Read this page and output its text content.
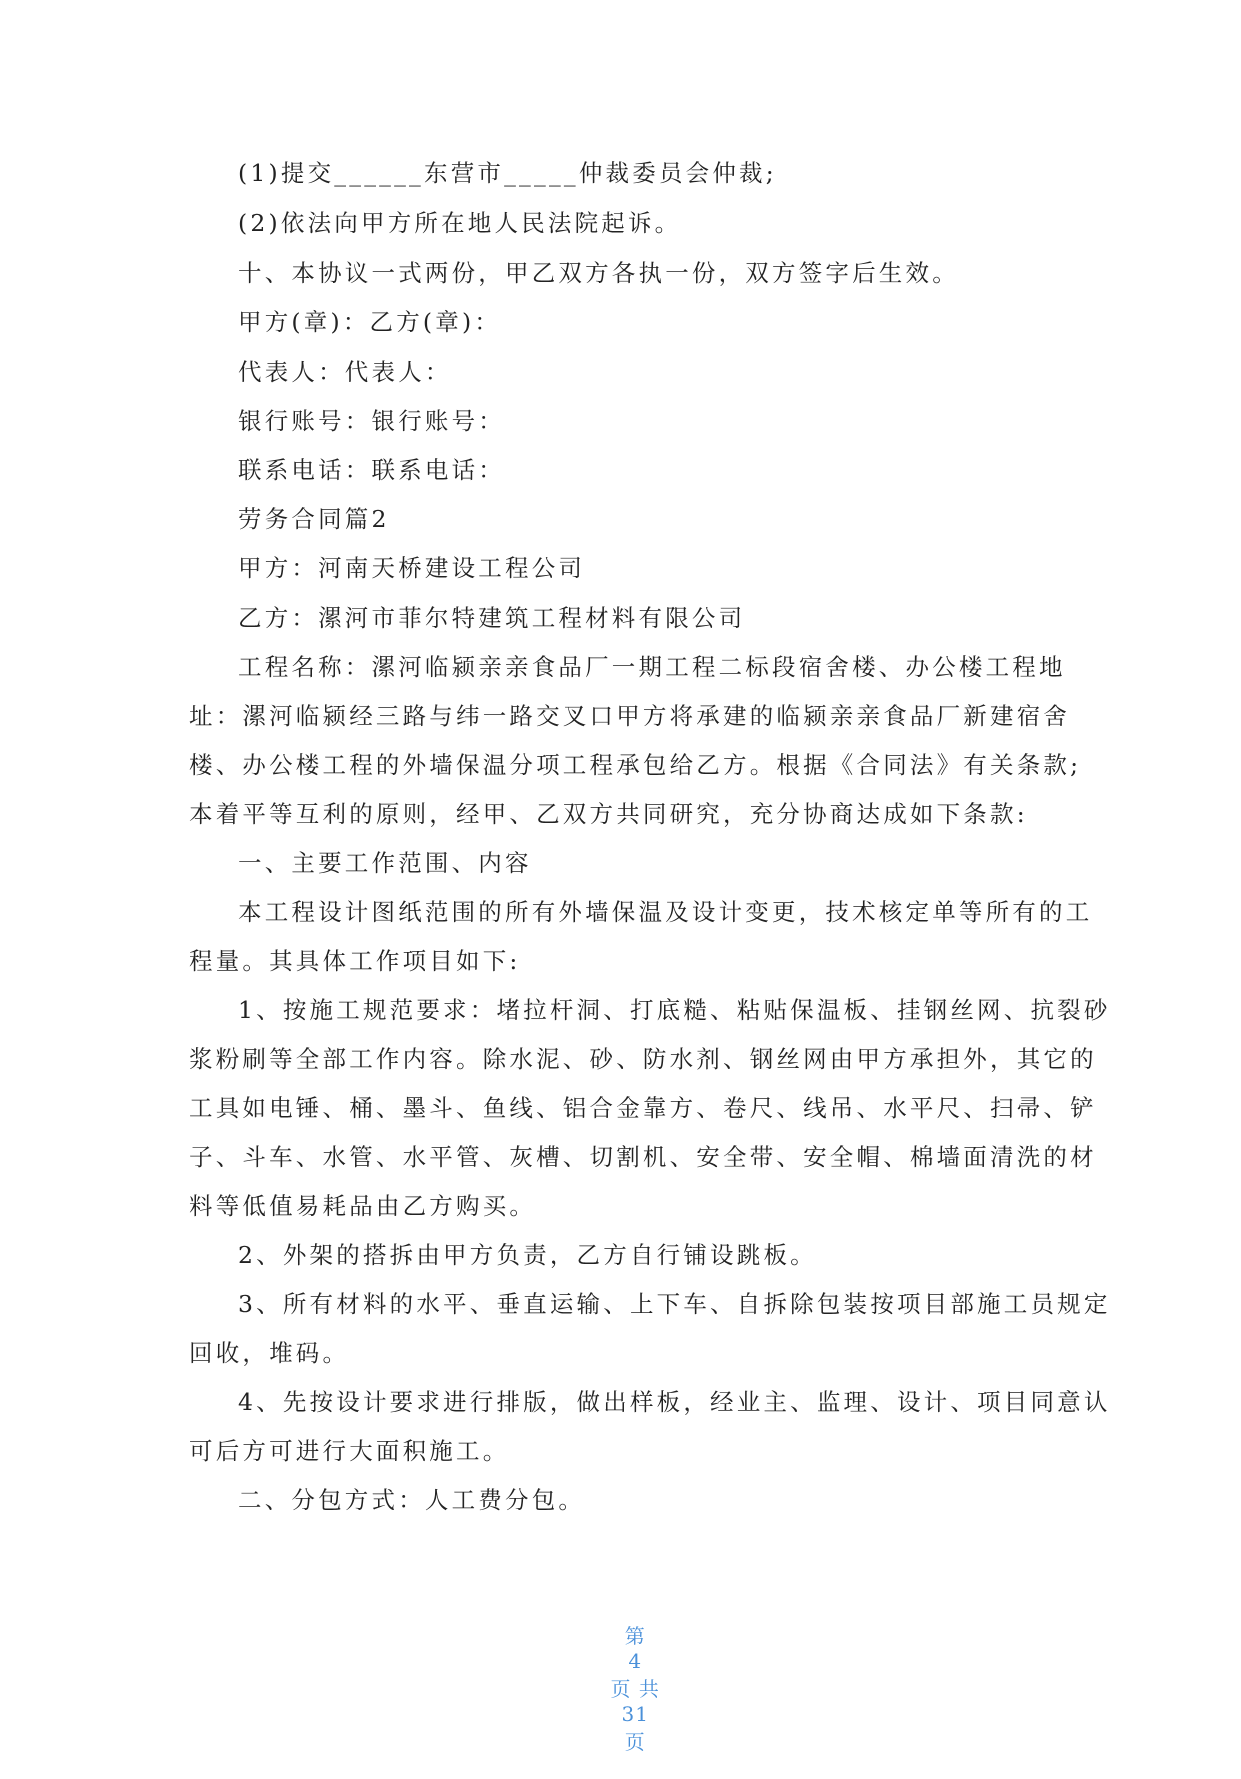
(1)提交______东营市_____仲裁委员会仲裁;
(2)依法向甲方所在地人民法院起诉。
十、本协议一式两份，甲乙双方各执一份，双方签字后生效。
甲方(章)：乙方(章)：
代表人：代表人：
银行账号：银行账号：
联系电话：联系电话：
劳务合同篇2
甲方：河南天桥建设工程公司
乙方：漯河市菲尔特建筑工程材料有限公司
工程名称：漯河临颍亲亲食品厂一期工程二标段宿舍楼、办公楼工程地
址：漯河临颍经三路与纬一路交叉口甲方将承建的临颍亲亲食品厂新建宿舍
楼、办公楼工程的外墙保温分项工程承包给乙方。根据《合同法》有关条款;
本着平等互利的原则，经甲、乙双方共同研究，充分协商达成如下条款:
一、主要工作范围、内容
本工程设计图纸范围的所有外墙保温及设计变更，技术核定单等所有的工
程量。其具体工作项目如下:
1、按施工规范要求：堵拉杆洞、打底糙、粘贴保温板、挂钢丝网、抗裂砂
浆粉刷等全部工作内容。除水泥、砂、防水剂、钢丝网由甲方承担外，其它的
工具如电锤、桶、墨斗、鱼线、铝合金靠方、卷尺、线吊、水平尺、扫帚、铲
子、斗车、水管、水平管、灰槽、切割机、安全带、安全帽、棉墙面清洗的材
料等低值易耗品由乙方购买。
2、外架的搭拆由甲方负责，乙方自行铺设跳板。
3、所有材料的水平、垂直运输、上下车、自拆除包装按项目部施工员规定
回收，堆码。
4、先按设计要求进行排版，做出样板，经业主、监理、设计、项目同意认
可后方可进行大面积施工。
二、分包方式：人工费分包。

第
4
页 共
31
页
